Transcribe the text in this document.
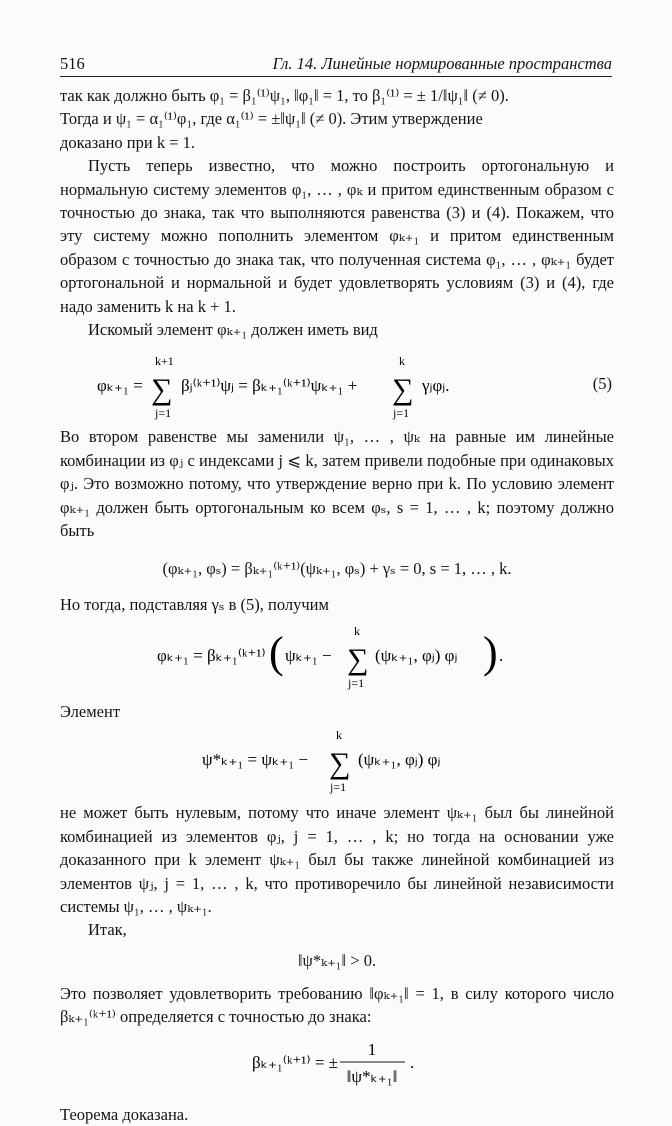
516	Гл. 14. Линейные нормированные пространства

так как должно быть φ₁ = β₁⁽¹⁾ψ₁, ‖φ₁‖ = 1, то β₁⁽¹⁾ = ± 1/‖ψ₁‖ (≠ 0).

Тогда и ψ₁ = α₁⁽¹⁾φ₁, где α₁⁽¹⁾ = ±‖ψ₁‖ (≠ 0). Этим утверждение

доказано при k = 1.

Пусть теперь известно, что можно построить ортогональную и нормальную систему элементов φ₁, … , φₖ и притом единственным образом с точностью до знака, так что выполняются равенства (3) и (4). Покажем, что эту систему можно пополнить элементом φₖ₊₁ и притом единственным образом с точностью до знака так, что полученная система φ₁, … , φₖ₊₁ будет ортогональной и нормальной и будет удовлетворять условиям (3) и (4), где надо заменить k на k + 1.

Искомый элемент φₖ₊₁ должен иметь вид

φₖ₊₁ =
k+1
∑
j=1
βⱼ⁽ᵏ⁺¹⁾ψⱼ = βₖ₊₁⁽ᵏ⁺¹⁾ψₖ₊₁ +
k
∑
j=1
γⱼφⱼ.	(5)

Во втором равенстве мы заменили ψ₁, … , ψₖ на равные им линейные комбинации из φⱼ с индексами j ⩽ k, затем привели подобные при одинаковых φⱼ. Это возможно потому, что утверждение верно при k. По условию элемент φₖ₊₁ должен быть ортогональным ко всем φₛ, s = 1, … , k; поэтому должно быть

(φₖ₊₁, φₛ) = βₖ₊₁⁽ᵏ⁺¹⁾(ψₖ₊₁, φₛ) + γₛ = 0, s = 1, … , k.

Но тогда, подставляя γₛ в (5), получим

φₖ₊₁ = βₖ₊₁⁽ᵏ⁺¹⁾ ( ψₖ₊₁ −
k
∑
j=1
(ψₖ₊₁, φⱼ) φⱼ ) .

Элемент

ψ*ₖ₊₁ = ψₖ₊₁ −
k
∑
j=1
(ψₖ₊₁, φⱼ) φⱼ

не может быть нулевым, потому что иначе элемент ψₖ₊₁ был бы линейной комбинацией из элементов φⱼ, j = 1, … , k; но тогда на основании уже доказанного при k элемент ψₖ₊₁ был бы также линейной комбинацией из элементов ψⱼ, j = 1, … , k, что противоречило бы линейной независимости системы ψ₁, … , ψₖ₊₁.

Итак,

‖ψ*ₖ₊₁‖ > 0.

Это позволяет удовлетворить требованию ‖φₖ₊₁‖ = 1, в силу которого число βₖ₊₁⁽ᵏ⁺¹⁾ определяется с точностью до знака:

βₖ₊₁⁽ᵏ⁺¹⁾ = ±
1
‖ψ*ₖ₊₁‖
.

Теорема доказана.
